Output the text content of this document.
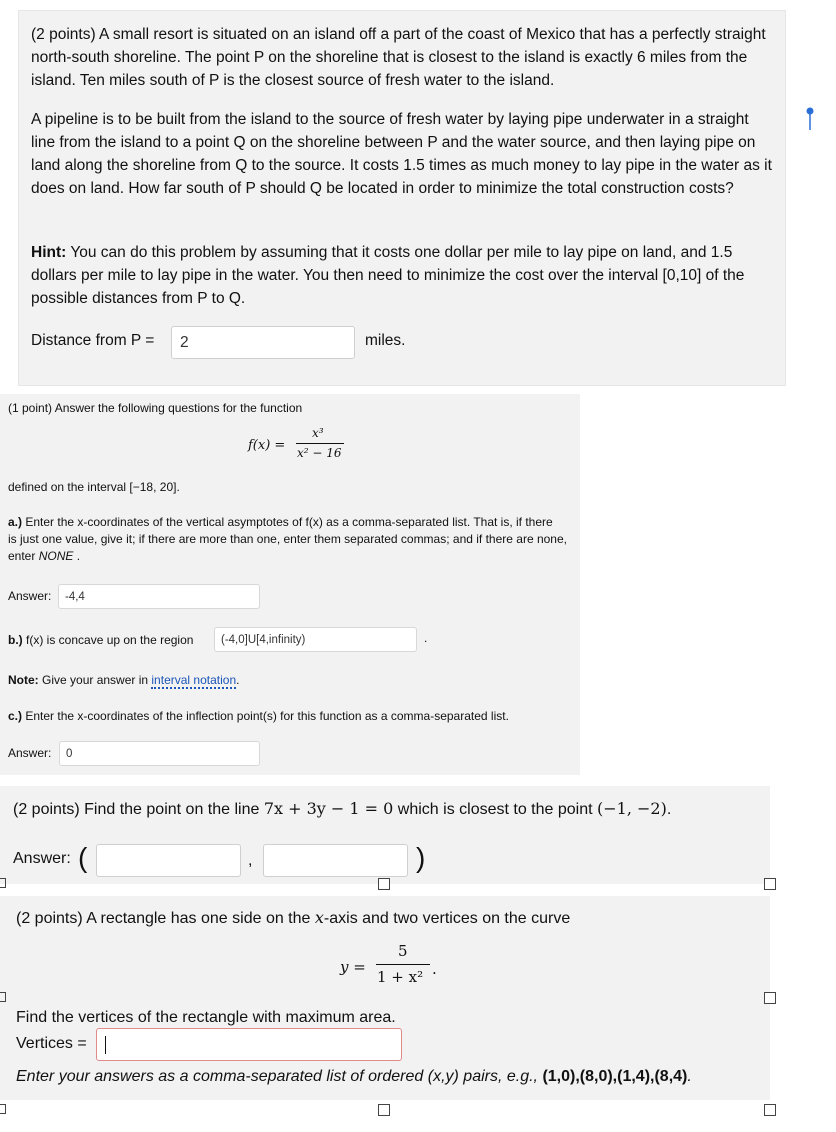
(2 points) A small resort is situated on an island off a part of the coast of Mexico that has a perfectly straight north-south shoreline. The point P on the shoreline that is closest to the island is exactly 6 miles from the island. Ten miles south of P is the closest source of fresh water to the island.

A pipeline is to be built from the island to the source of fresh water by laying pipe underwater in a straight line from the island to a point Q on the shoreline between P and the water source, and then laying pipe on land along the shoreline from Q to the source. It costs 1.5 times as much money to lay pipe in the water as it does on land. How far south of P should Q be located in order to minimize the total construction costs?

Hint: You can do this problem by assuming that it costs one dollar per mile to lay pipe on land, and 1.5 dollars per mile to lay pipe in the water. You then need to minimize the cost over the interval [0,10] of the possible distances from P to Q.

Distance from P =
2	miles.

(1 point) Answer the following questions for the function

f(x) =
x³
x² − 16

defined on the interval [−18, 20].

a.) Enter the x-coordinates of the vertical asymptotes of f(x) as a comma-separated list. That is, if there

is just one value, give it; if there are more than one, enter them separated commas; and if there are none,

enter NONE .

Answer:
-4,4

b.) f(x) is concave up on the region

(-4,0]U[4,infinity)	.

Note: Give your answer in interval notation.

c.) Enter the x-coordinates of the inflection point(s) for this function as a comma-separated list.

Answer:
0

(2 points) Find the point on the line 7x + 3y − 1 = 0 which is closest to the point (−1, −2).

Answer: (	,	)

(2 points) A rectangle has one side on the x-axis and two vertices on the curve

y =
5
1 + x² .

Find the vertices of the rectangle with maximum area.

Vertices =

Enter your answers as a comma-separated list of ordered (x,y) pairs, e.g., (1,0),(8,0),(1,4),(8,4).
